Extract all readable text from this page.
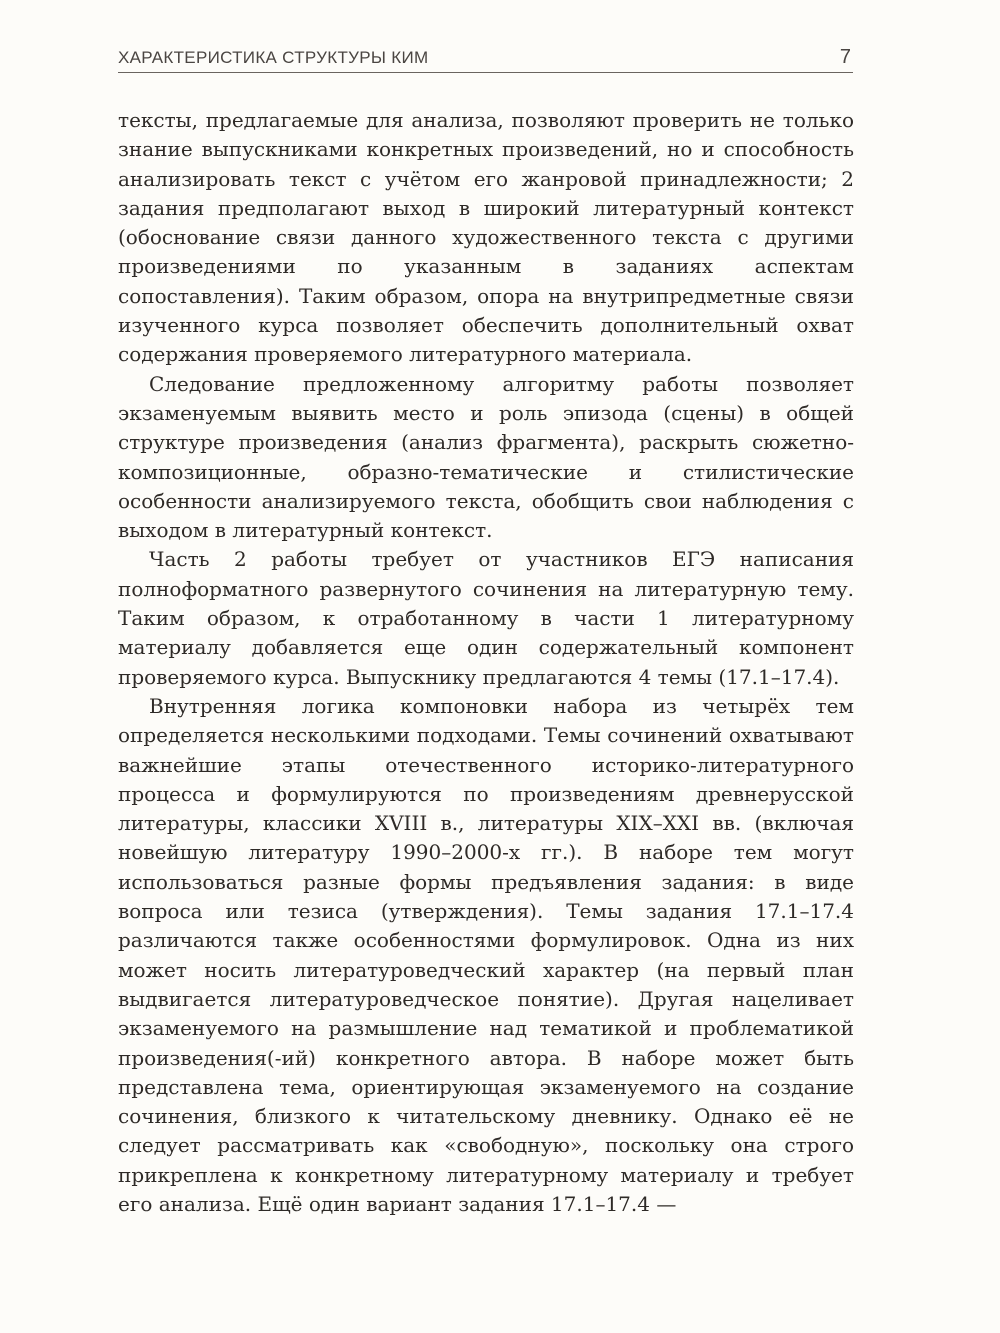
ХАРАКТЕРИСТИКА СТРУКТУРЫ КИМ	7

тексты, предлагаемые для анализа, позволяют проверить не только знание выпускниками конкретных произведений, но и способность анализировать текст с учётом его жанровой принадлежности; 2 задания предполагают выход в широкий литературный контекст (обоснование связи данного художественного текста с другими произведениями по указанным в заданиях аспектам сопоставления). Таким образом, опора на внутрипредметные связи изученного курса позволяет обеспечить дополнительный охват содержания проверяемого литературного материала.

Следование предложенному алгоритму работы позволяет экзаменуемым выявить место и роль эпизода (сцены) в общей структуре произведения (анализ фрагмента), раскрыть сюжетно-композиционные, образно-тематические и стилистические особенности анализируемого текста, обобщить свои наблюдения с выходом в литературный контекст.

Часть 2 работы требует от участников ЕГЭ написания полноформатного развернутого сочинения на литературную тему. Таким образом, к отработанному в части 1 литературному материалу добавляется еще один содержательный компонент проверяемого курса. Выпускнику предлагаются 4 темы (17.1–17.4).

Внутренняя логика компоновки набора из четырёх тем определяется несколькими подходами. Темы сочинений охватывают важнейшие этапы отечественного историко-литературного процесса и формулируются по произведениям древнерусской литературы, классики XVIII в., литературы XIX–XXI вв. (включая новейшую литературу 1990–2000-х гг.). В наборе тем могут использоваться разные формы предъявления задания: в виде вопроса или тезиса (утверждения). Темы задания 17.1–17.4 различаются также особенностями формулировок. Одна из них может носить литературоведческий характер (на первый план выдвигается литературоведческое понятие). Другая нацеливает экзаменуемого на размышление над тематикой и проблематикой произведения(-ий) конкретного автора. В наборе может быть представлена тема, ориентирующая экзаменуемого на создание сочинения, близкого к читательскому дневнику. Однако её не следует рассматривать как «свободную», поскольку она строго прикреплена к конкретному литературному материалу и требует его анализа. Ещё один вариант задания 17.1–17.4 —
